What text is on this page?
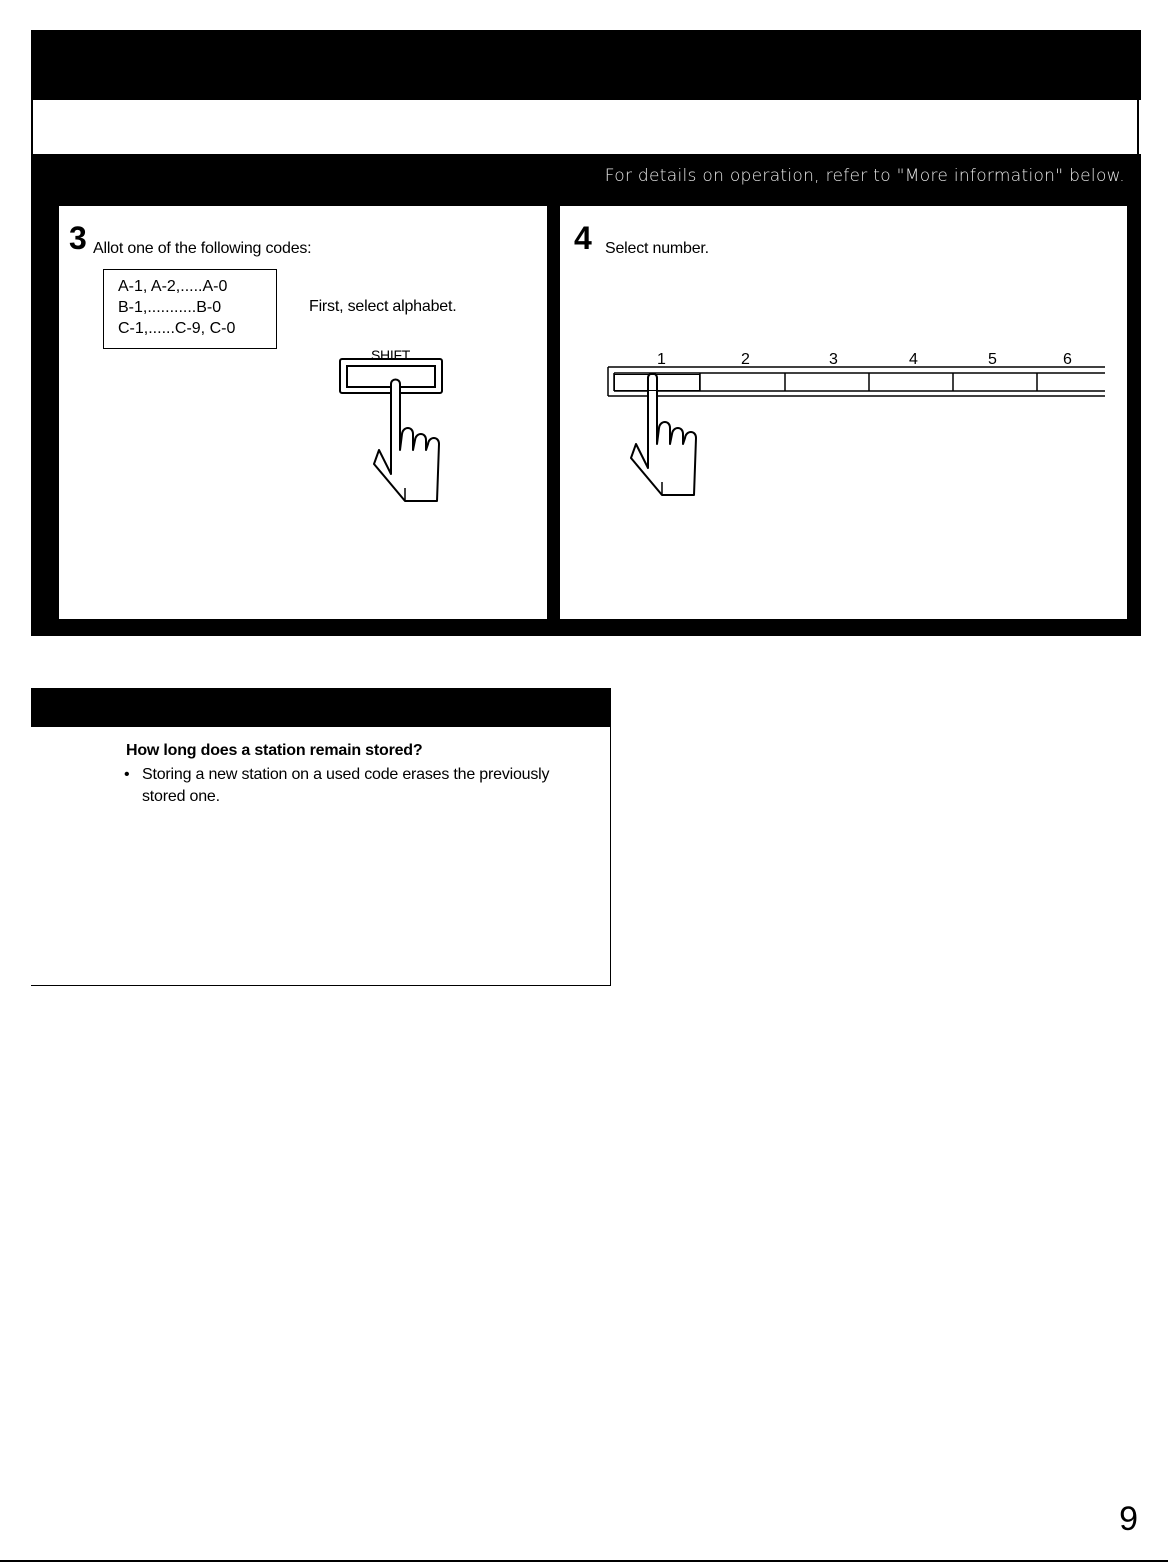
For details on operation, refer to "More information" below.
3 Allot one of the following codes:
A-1, A-2,.....A-0
B-1,...........B-0
C-1,......C-9, C-0
First, select alphabet.
SHIFT
4 Select number.
1	2	3	4	5	6
How long does a station remain stored?
• Storing a new station on a used code erases the previously stored one.
9
